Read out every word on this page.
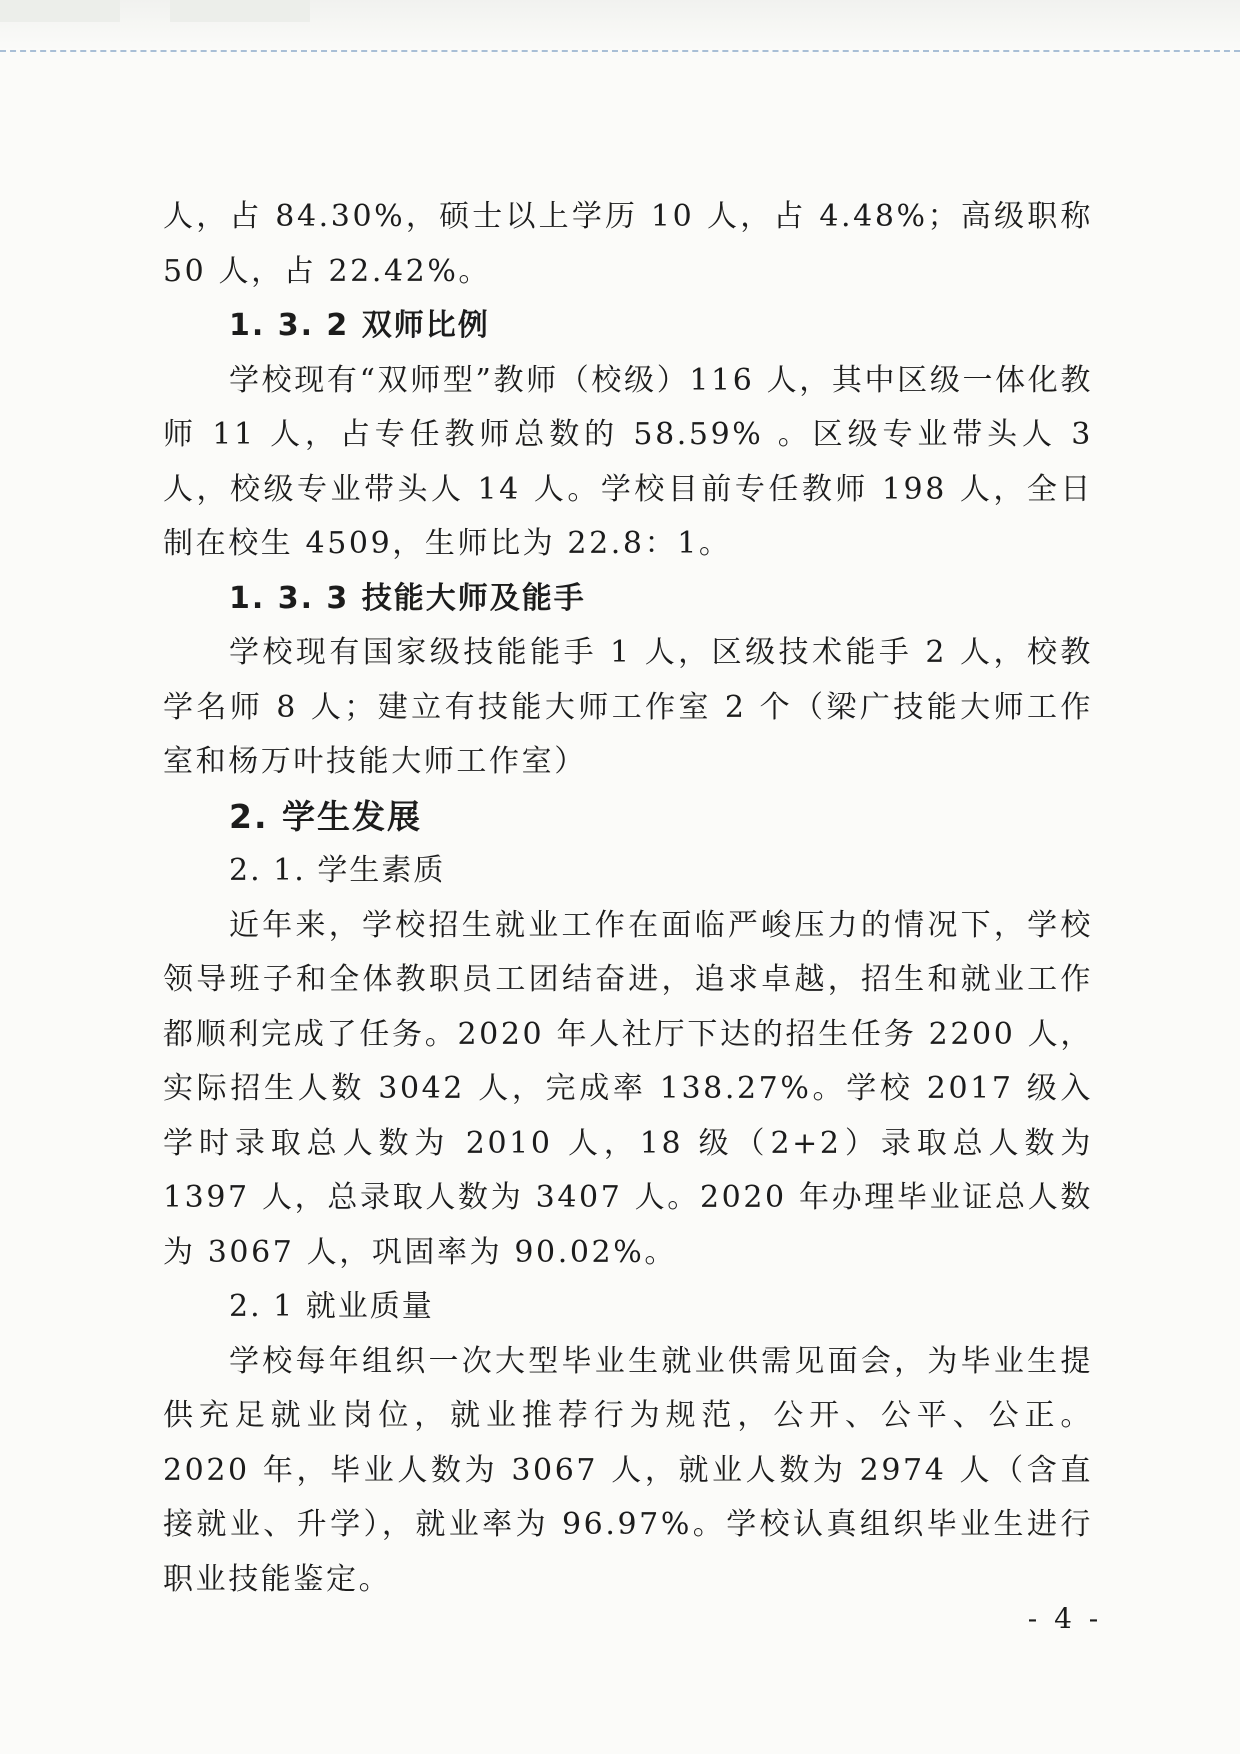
人，占 84.30%，硕士以上学历 10 人，占 4.48%；高级职称 50 人，占 22.42%。

1. 3. 2 双师比例

学校现有“双师型”教师（校级）116 人，其中区级一体化教师 11 人，占专任教师总数的 58.59% 。区级专业带头人 3 人，校级专业带头人 14 人。学校目前专任教师 198 人，全日制在校生 4509，生师比为 22.8：1。

1. 3. 3 技能大师及能手

学校现有国家级技能能手 1 人，区级技术能手 2 人，校教学名师 8 人；建立有技能大师工作室 2 个（梁广技能大师工作室和杨万叶技能大师工作室）

2. 学生发展

2. 1. 学生素质

近年来，学校招生就业工作在面临严峻压力的情况下，学校领导班子和全体教职员工团结奋进，追求卓越，招生和就业工作都顺利完成了任务。2020 年人社厅下达的招生任务 2200 人，实际招生人数 3042 人，完成率 138.27%。学校 2017 级入学时录取总人数为 2010 人，18 级（2+2）录取总人数为 1397 人，总录取人数为 3407 人。2020 年办理毕业证总人数为 3067 人，巩固率为 90.02%。

2. 1 就业质量

学校每年组织一次大型毕业生就业供需见面会，为毕业生提供充足就业岗位，就业推荐行为规范，公开、公平、公正。2020 年，毕业人数为 3067 人，就业人数为 2974 人（含直接就业、升学），就业率为 96.97%。学校认真组织毕业生进行职业技能鉴定。

- 4 -
